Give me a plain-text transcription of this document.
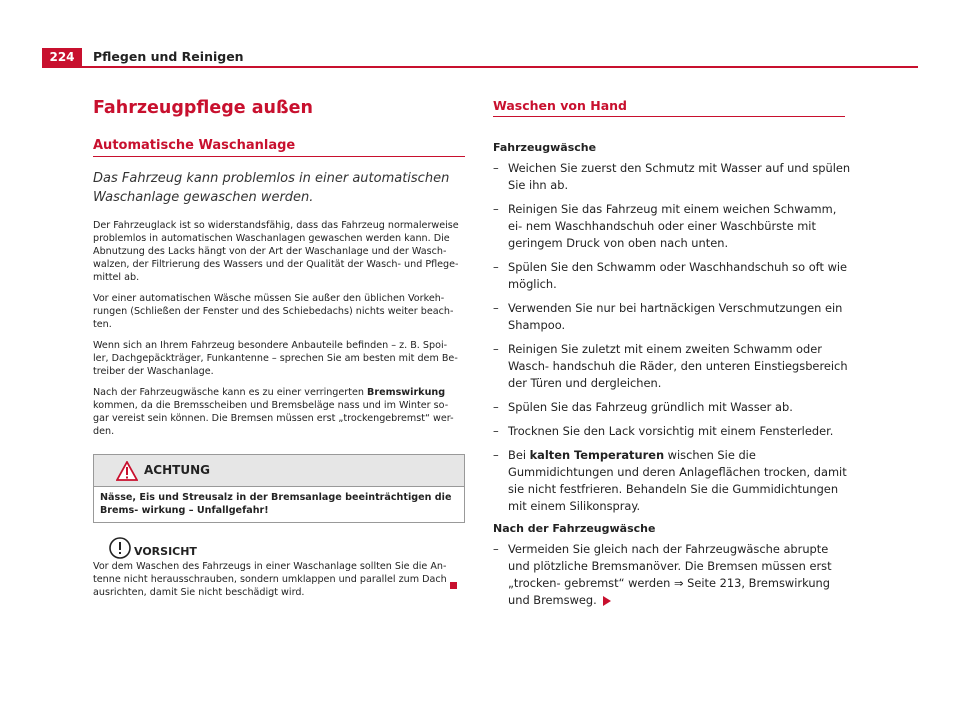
224	Pflegen und Reinigen
Fahrzeugpflege außen
Automatische Waschanlage
Das Fahrzeug kann problemlos in einer automatischen Waschanlage gewaschen werden.

Der Fahrzeuglack ist so widerstandsfähig, dass das Fahrzeug normalerweise problemlos in automatischen Waschanlagen gewaschen werden kann. Die Abnutzung des Lacks hängt von der Art der Waschanlage und der Wasch- walzen, der Filtrierung des Wassers und der Qualität der Wasch- und Pflege- mittel ab.

Vor einer automatischen Wäsche müssen Sie außer den üblichen Vorkeh- rungen (Schließen der Fenster und des Schiebedachs) nichts weiter beach- ten.

Wenn sich an Ihrem Fahrzeug besondere Anbauteile befinden – z. B. Spoi- ler, Dachgepäckträger, Funkantenne – sprechen Sie am besten mit dem Be- treiber der Waschanlage.

Nach der Fahrzeugwäsche kann es zu einer verringerten Bremswirkung kommen, da die Bremsscheiben und Bremsbeläge nass und im Winter so- gar vereist sein können. Die Bremsen müssen erst „trockengebremst“ wer- den.

ACHTUNG
Nässe, Eis und Streusalz in der Bremsanlage beeinträchtigen die Brems- wirkung – Unfallgefahr!
VORSICHT
Vor dem Waschen des Fahrzeugs in einer Waschanlage sollten Sie die An- tenne nicht herausschrauben, sondern umklappen und parallel zum Dach ausrichten, damit Sie nicht beschädigt wird.
Waschen von Hand
Fahrzeugwäsche
– Weichen Sie zuerst den Schmutz mit Wasser auf und spülen Sie ihn ab.
– Reinigen Sie das Fahrzeug mit einem weichen Schwamm, ei- nem Waschhandschuh oder einer Waschbürste mit geringem Druck von oben nach unten.
– Spülen Sie den Schwamm oder Waschhandschuh so oft wie möglich.
– Verwenden Sie nur bei hartnäckigen Verschmutzungen ein Shampoo.
– Reinigen Sie zuletzt mit einem zweiten Schwamm oder Wasch- handschuh die Räder, den unteren Einstiegsbereich der Türen und dergleichen.
– Spülen Sie das Fahrzeug gründlich mit Wasser ab.
– Trocknen Sie den Lack vorsichtig mit einem Fensterleder.
– Bei kalten Temperaturen wischen Sie die Gummidichtungen und deren Anlageflächen trocken, damit sie nicht festfrieren. Behandeln Sie die Gummidichtungen mit einem Silikonspray.
Nach der Fahrzeugwäsche
– Vermeiden Sie gleich nach der Fahrzeugwäsche abrupte und plötzliche Bremsmanöver. Die Bremsen müssen erst „trocken- gebremst“ werden ⇒ Seite 213, Bremswirkung und Bremsweg.
